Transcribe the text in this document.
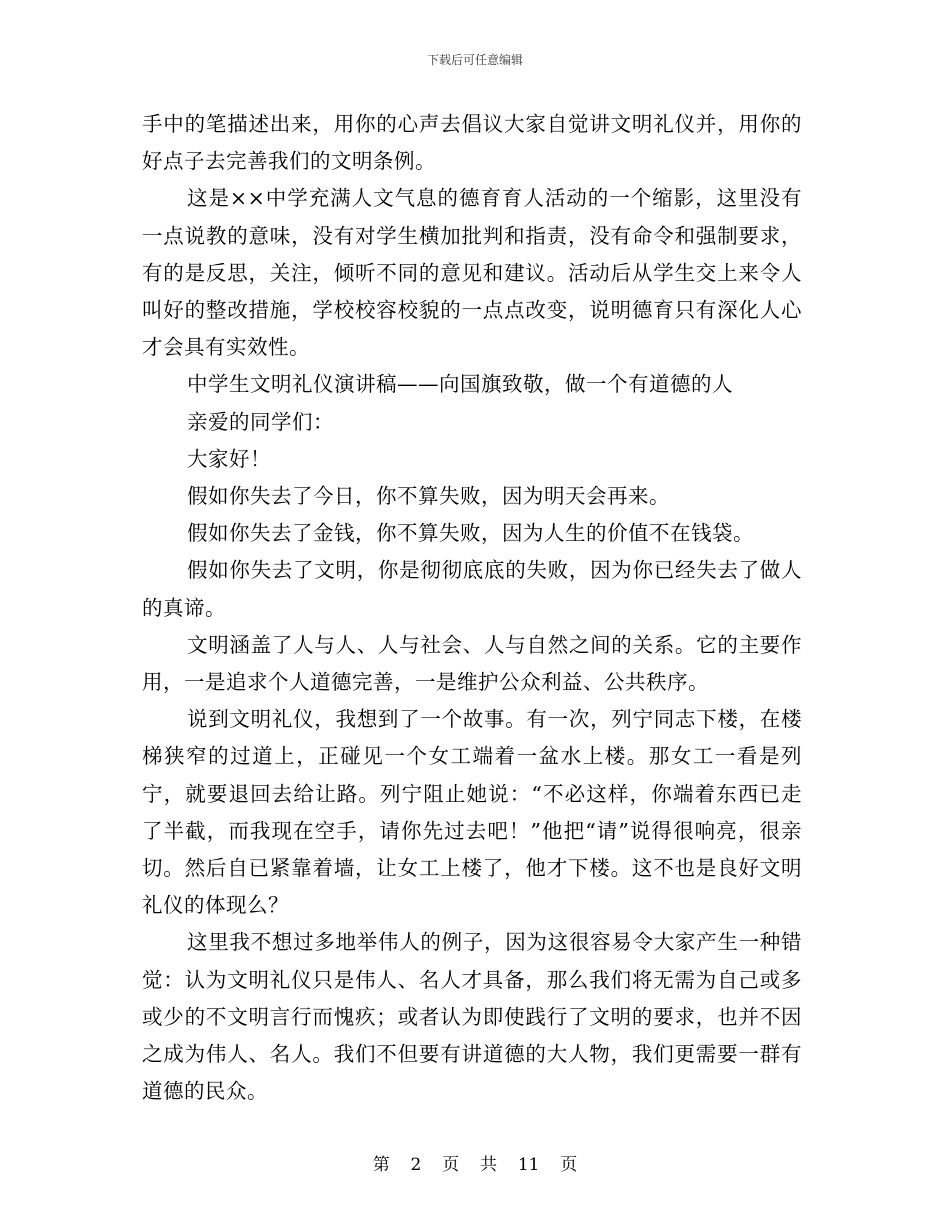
下载后可任意编辑

手中的笔描述出来，用你的心声去倡议大家自觉讲文明礼仪并，用你的好点子去完善我们的文明条例。

这是××中学充满人文气息的德育育人活动的一个缩影，这里没有一点说教的意味，没有对学生横加批判和指责，没有命令和强制要求，有的是反思，关注，倾听不同的意见和建议。活动后从学生交上来令人叫好的整改措施，学校校容校貌的一点点改变，说明德育只有深化人心才会具有实效性。

中学生文明礼仪演讲稿——向国旗致敬，做一个有道德的人

亲爱的同学们：

大家好！

假如你失去了今日，你不算失败，因为明天会再来。

假如你失去了金钱，你不算失败，因为人生的价值不在钱袋。

假如你失去了文明，你是彻彻底底的失败，因为你已经失去了做人的真谛。

文明涵盖了人与人、人与社会、人与自然之间的关系。它的主要作用，一是追求个人道德完善，一是维护公众利益、公共秩序。

说到文明礼仪，我想到了一个故事。有一次，列宁同志下楼，在楼梯狭窄的过道上，正碰见一个女工端着一盆水上楼。那女工一看是列宁，就要退回去给让路。列宁阻止她说：“不必这样，你端着东西已走了半截，而我现在空手，请你先过去吧！”他把“请”说得很响亮，很亲切。然后自已紧靠着墙，让女工上楼了，他才下楼。这不也是良好文明礼仪的体现么？

这里我不想过多地举伟人的例子，因为这很容易令大家产生一种错觉：认为文明礼仪只是伟人、名人才具备，那么我们将无需为自己或多或少的不文明言行而愧疚；或者认为即使践行了文明的要求，也并不因之成为伟人、名人。我们不但要有讲道德的大人物，我们更需要一群有道德的民众。

第 2 页 共 11 页
